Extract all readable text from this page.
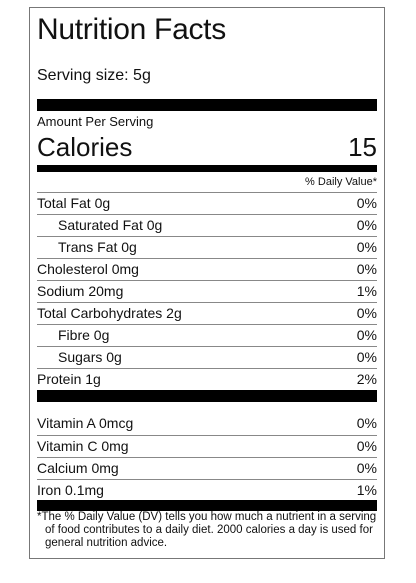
Nutrition Facts
Serving size: 5g
Amount Per Serving
Calories	15
% Daily Value*
Total Fat 0g	0%
Saturated Fat 0g	0%
Trans Fat 0g	0%
Cholesterol 0mg	0%
Sodium 20mg	1%
Total Carbohydrates 2g	0%
Fibre 0g	0%
Sugars 0g	0%
Protein 1g	2%
Vitamin A 0mcg	0%
Vitamin C 0mg	0%
Calcium 0mg	0%
Iron 0.1mg	1%
*The % Daily Value (DV) tells you how much a nutrient in a serving of food contributes to a daily diet. 2000 calories a day is used for general nutrition advice.
